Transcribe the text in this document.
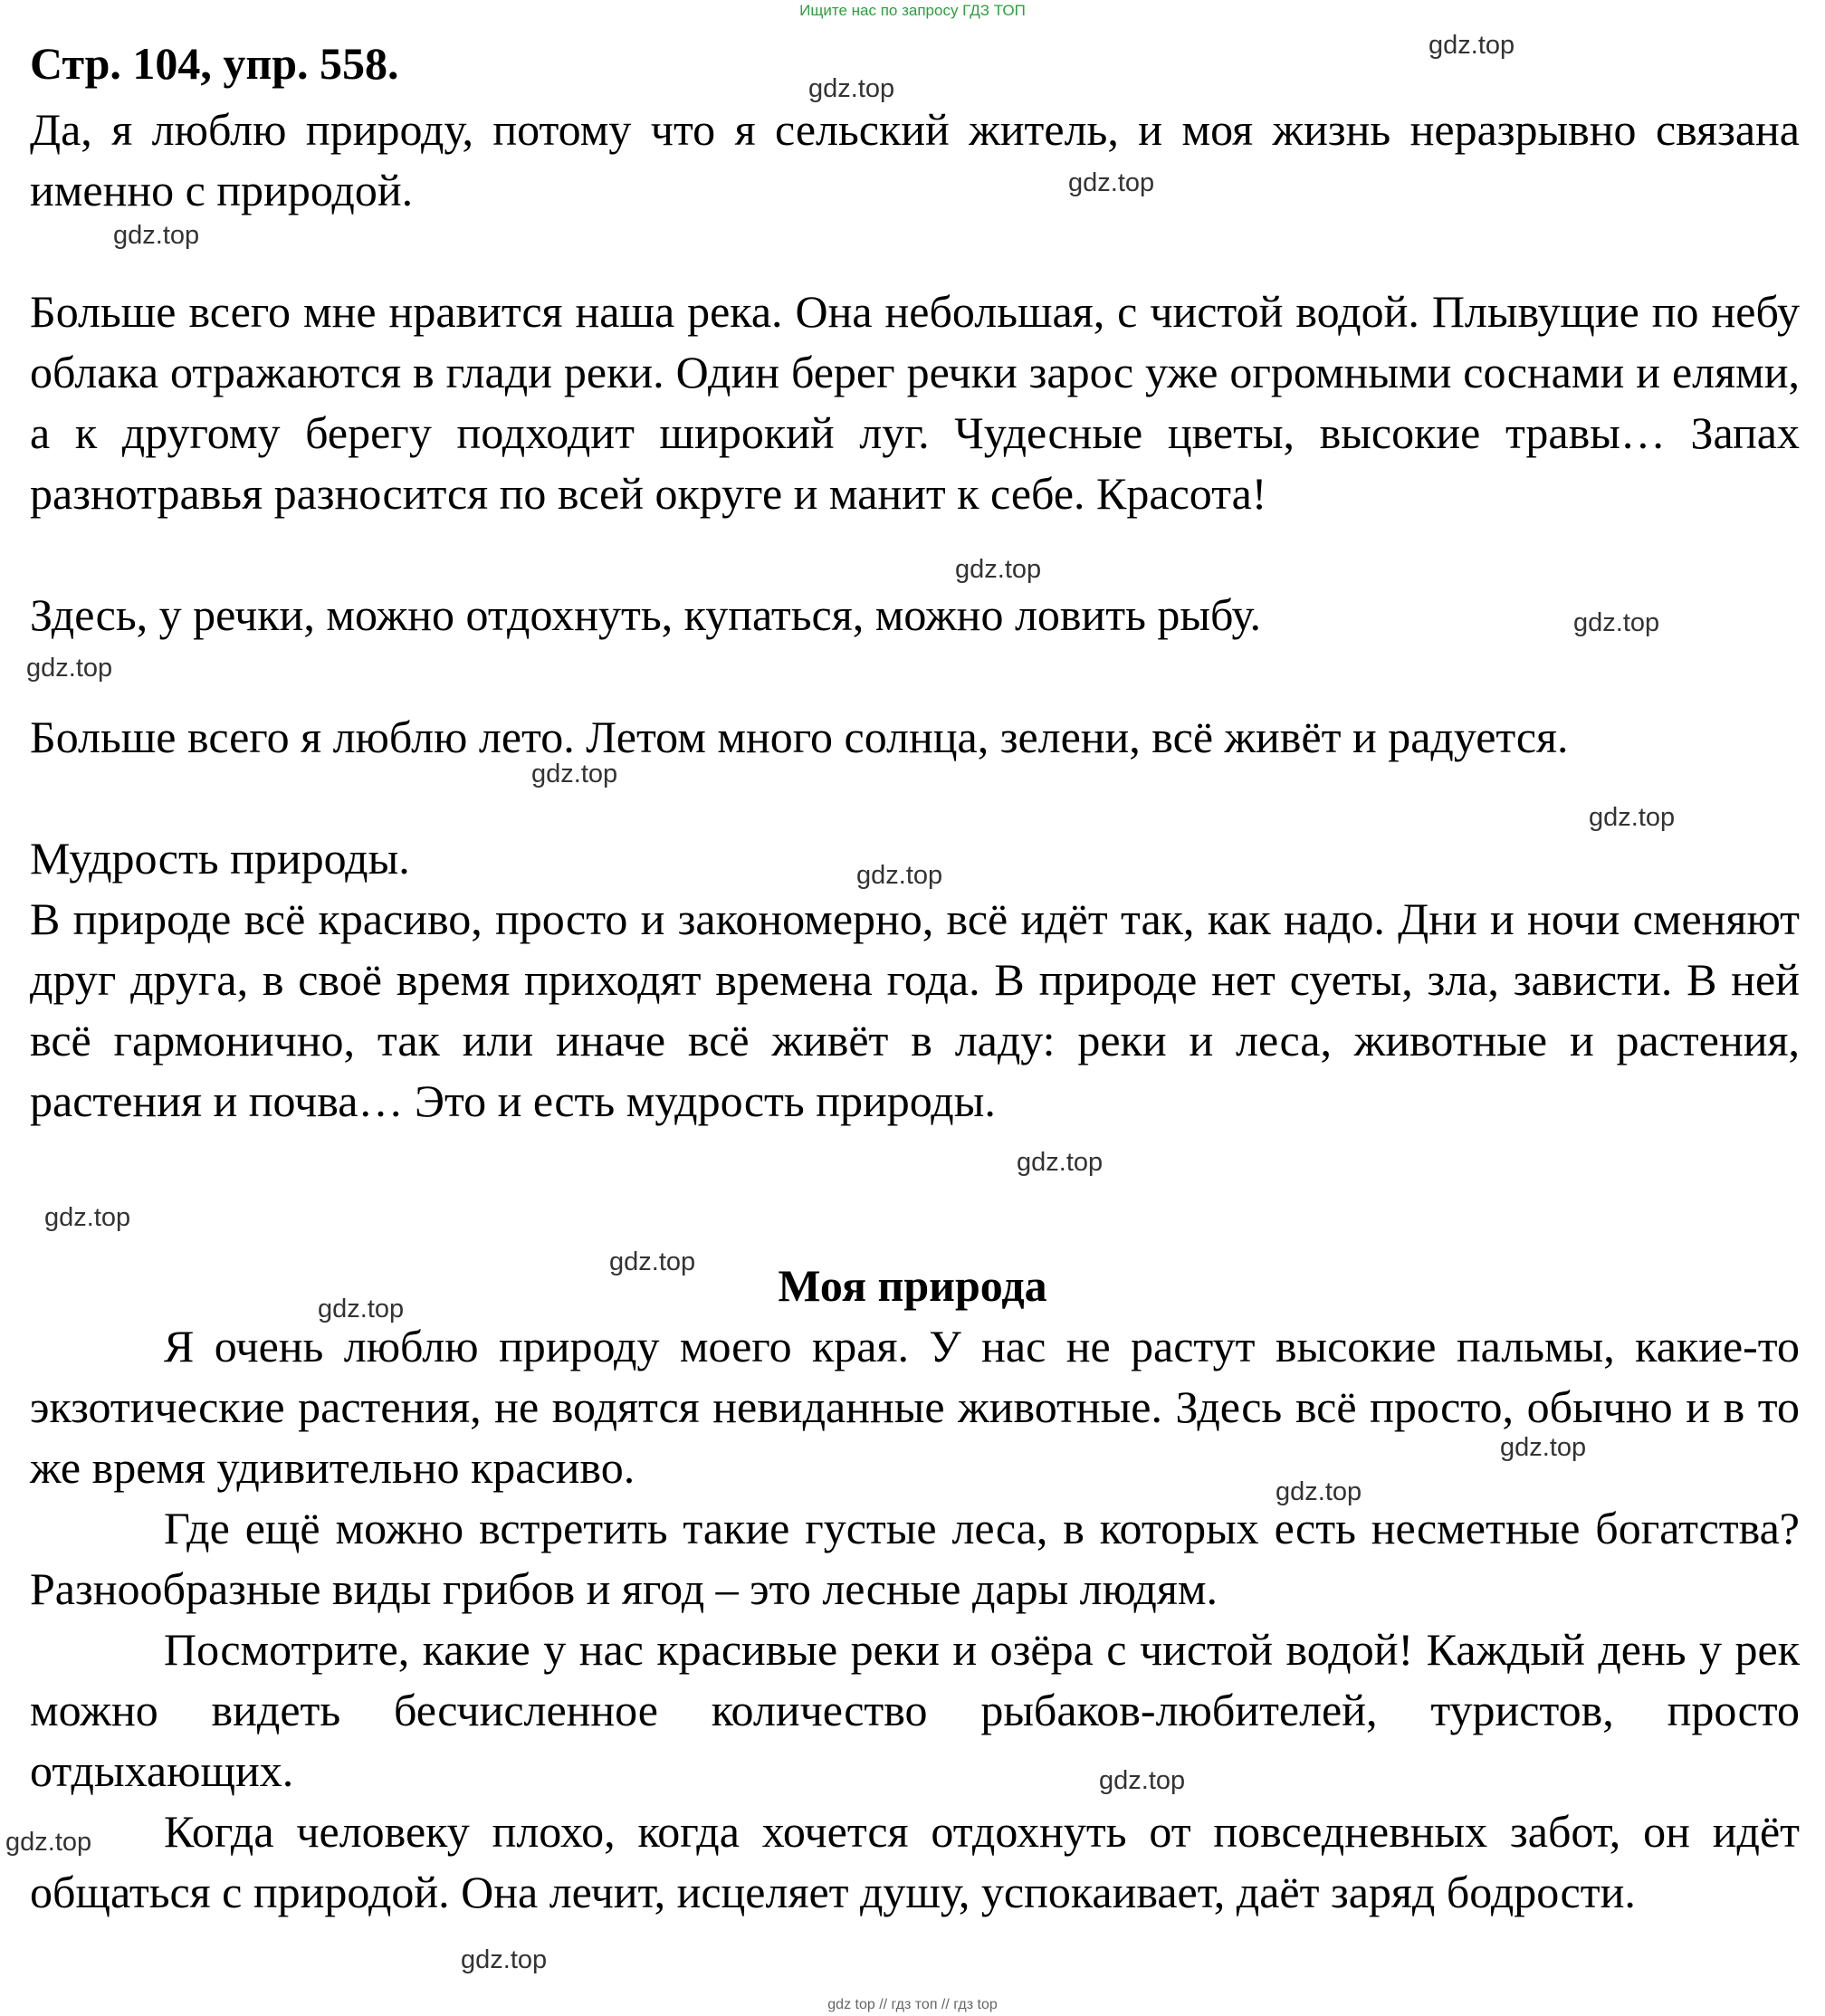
Ищите нас по запросу ГДЗ ТОП
Стр. 104, упр. 558.

Да, я люблю природу, потому что я сельский житель, и моя жизнь неразрывно связана именно с природой.

Больше всего мне нравится наша река. Она небольшая, с чистой водой. Плывущие по небу облака отражаются в глади реки. Один берег речки зарос уже огромными соснами и елями, а к другому берегу подходит широкий луг. Чудесные цветы, высокие травы… Запах разнотравья разносится по всей округе и манит к себе. Красота!

Здесь, у речки, можно отдохнуть, купаться, можно ловить рыбу.

Больше всего я люблю лето. Летом много солнца, зелени, всё живёт и радуется.

Мудрость природы.

В природе всё красиво, просто и закономерно, всё идёт так, как надо. Дни и ночи сменяют друг друга, в своё время приходят времена года. В природе нет суеты, зла, зависти. В ней всё гармонично, так или иначе всё живёт в ладу: реки и леса, животные и растения, растения и почва… Это и есть мудрость природы.

Моя природа

Я очень люблю природу моего края. У нас не растут высокие пальмы, какие-то экзотические растения, не водятся невиданные животные. Здесь всё просто, обычно и в то же время удивительно красиво.

Где ещё можно встретить такие густые леса, в которых есть несметные богатства? Разнообразные виды грибов и ягод – это лесные дары людям.

Посмотрите, какие у нас красивые реки и озёра с чистой водой! Каждый день у рек можно видеть бесчисленное количество рыбаков-любителей, туристов, просто отдыхающих.

Когда человеку плохо, когда хочется отдохнуть от повседневных забот, он идёт общаться с природой. Она лечит, исцеляет душу, успокаивает, даёт заряд бодрости.

gdz.top
gdz.top
gdz.top
gdz.top
gdz.top
gdz.top
gdz.top
gdz.top
gdz.top
gdz.top
gdz.top
gdz.top
gdz.top
gdz.top
gdz.top
gdz.top
gdz.top
gdz.top
gdz.top
gdz top // гдз топ // гдз top
